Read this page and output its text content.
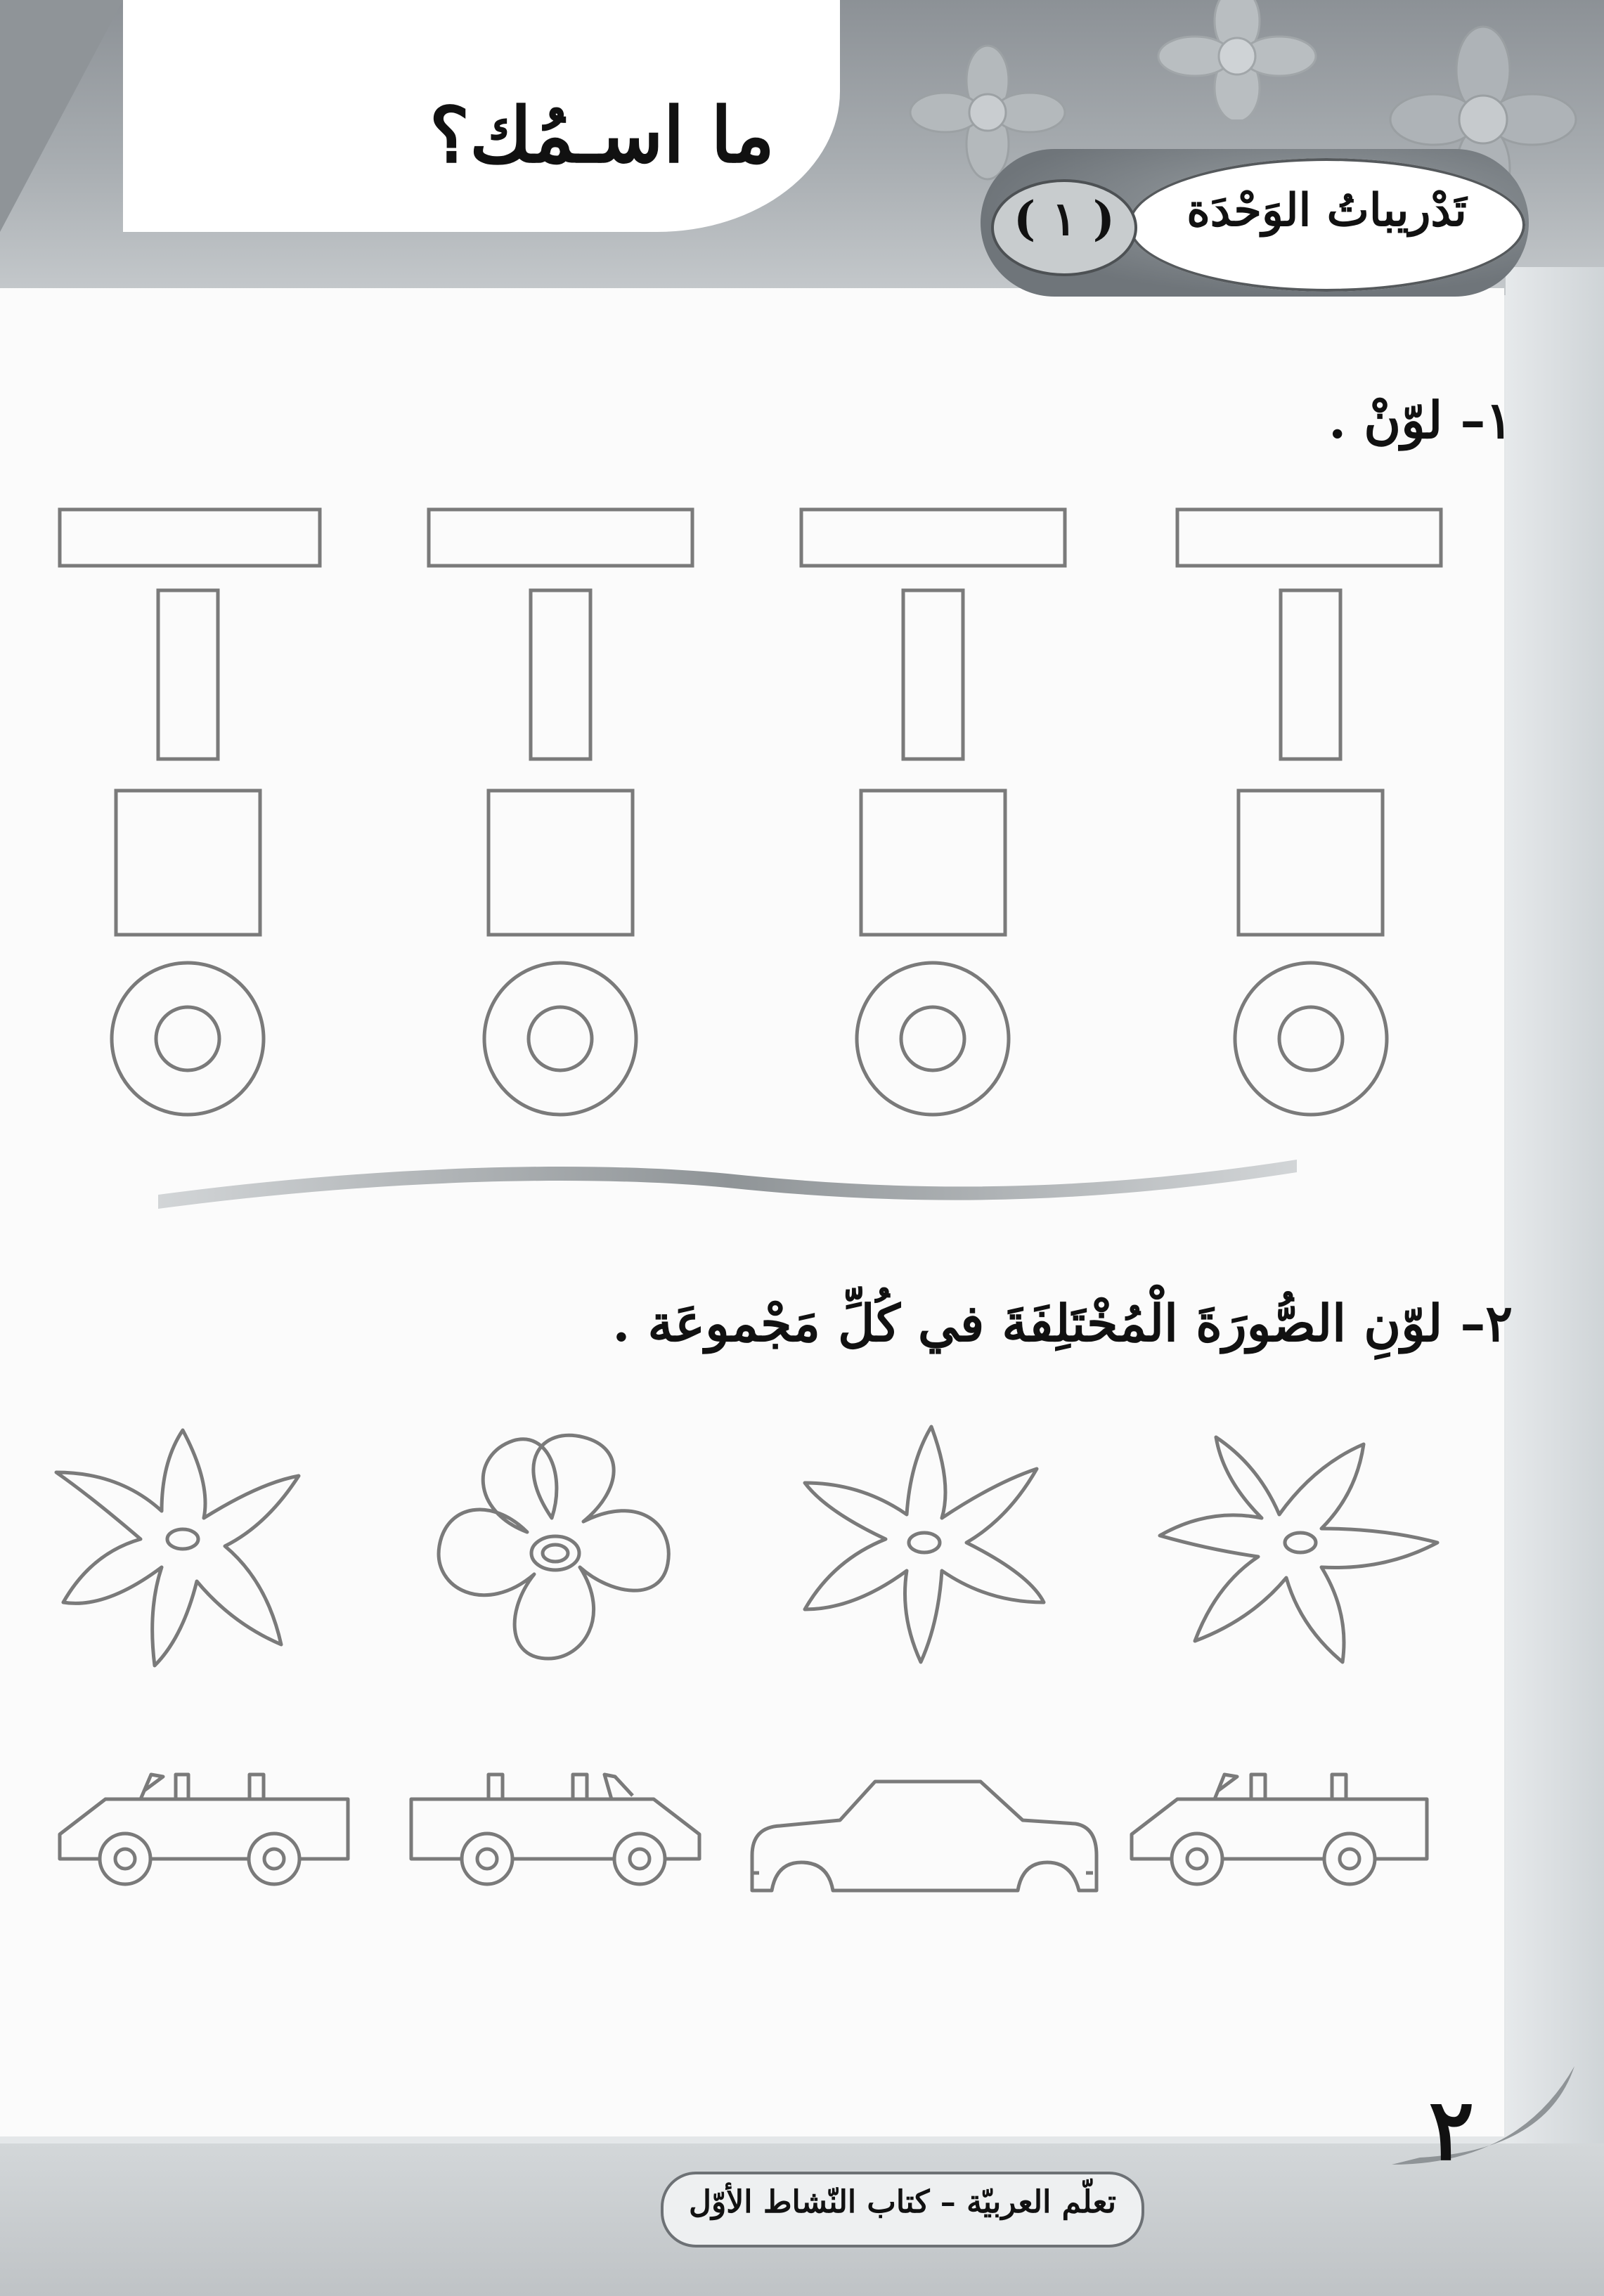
ما اسـمُك؟
تَدْريباتُ الوَحْدَة
( ١ )
١– لوّنْ .
٢– لوّنِ الصُّورَةَ الْمُخْتَلِفَةَ في كُلِّ مَجْموعَة .
٢
تعلّم العربيّة – كتاب النّشاط الأوّل
